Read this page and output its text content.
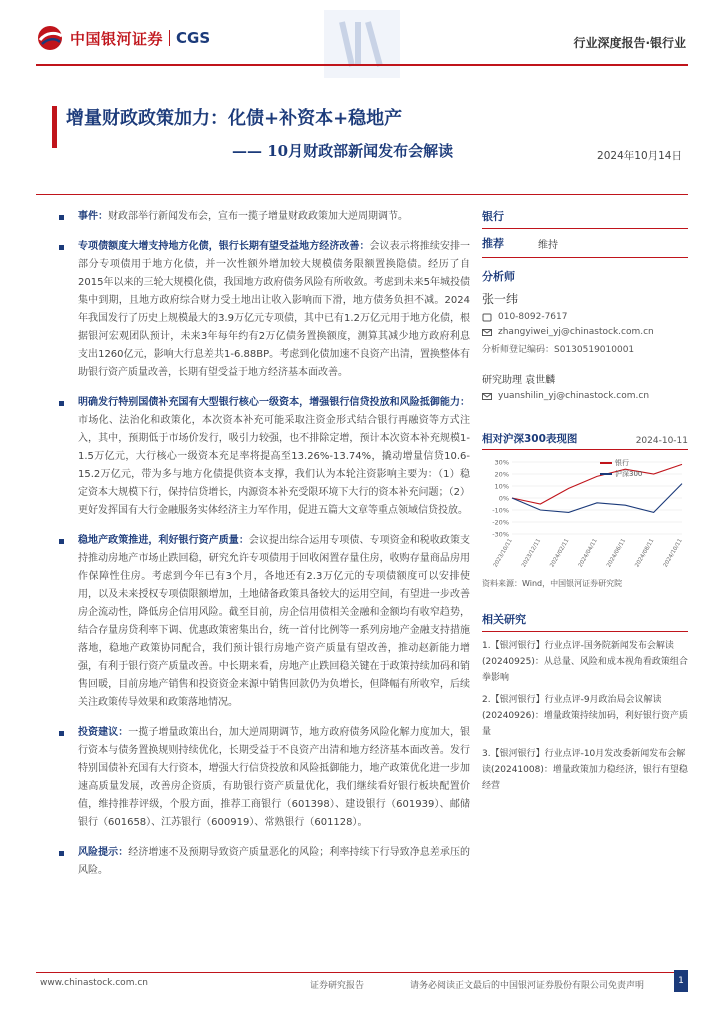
中国银河证券 CGS	行业深度报告·银行业
增量财政政策加力：化债+补资本+稳地产
—— 10月财政部新闻发布会解读	2024年10月14日
事件：财政部举行新闻发布会，宣布一揽子增量财政政策加大逆周期调节。
专项债额度大增支持地方化债，银行长期有望受益地方经济改善：会议表示将推续安排一部分专项债用于地方化债，并一次性额外增加较大规模债务限额置换隐债。经历了自2015年以来的三轮大规模化债，我国地方政府债务风险有所收敛。考虑到未来5年城投债集中到期，且地方政府综合财力受土地出让收入影响而下滑，地方债务负担不减。2024年我国发行了历史上规模最大的3.9万亿元专项债，其中已有1.2万亿元用于地方化债，根据银河宏观团队预计，未来3年每年约有2万亿债务置换额度，测算其减少地方政府利息支出1260亿元，影响大行息差共1-6.88BP。考虑到化债加速不良资产出清，置换整体有助银行资产质量改善，长期有望受益于地方经济基本面改善。
明确发行特别国债补充国有大型银行核心一级资本，增强银行信贷投放和风险抵御能力：市场化、法治化和政策化，本次资本补充可能采取注资金形式结合银行再融资等方式注入，其中，预期低于市场价发行，吸引力较强，也不排除定增，预计本次资本补充规模1-1.5万亿元，大行核心一级资本充足率将提高至13.26%-13.74%，撬动增量信贷10.6-15.2万亿元，带为多与地方化债提供资本支撑，我们认为本轮注资影响主要为：（1）稳定资本大规模下行，保持信贷增长，内源资本补充受限环境下大行的资本补充问题；（2）更好发挥国有大行金融服务实体经济主力军作用，促进五篇大文章等重点领域信贷投放。
稳地产政策推进，利好银行资产质量：会议提出综合运用专项债、专项资金和税收政策支持推动房地产市场止跌回稳，研究允许专项债用于回收闲置存量住房，收购存量商品房用作保障性住房。考虑到今年已有3个月，各地还有2.3万亿元的专项债额度可以安排使用，以及未来授权专项债限额增加，土地储备政策具备较大的运用空间，有望进一步改善房企流动性，降低房企信用风险。截至目前，房企信用债相关金融和金额均有收窄趋势，结合存量房贷利率下调、优惠政策密集出台，统一首付比例等一系列房地产金融支持措施落地，稳地产政策协同配合，我们预计银行房地产资产质量有望改善，推动赵新能力增强，有利于银行资产质量改善。中长期来看，房地产止跌回稳关键在于政策持续加码和销售回暖，目前房地产销售和投资资金来源中销售回款仍为负增长，但降幅有所收窄，后续关注政策传导效果和政策落地情况。
投资建议：一揽子增量政策出台，加大逆周期调节，地方政府债务风险化解力度加大，银行资本与债务置换规则持续优化，长期受益于不良资产出清和地方经济基本面改善。发行特别国债补充国有大行资本，增强大行信贷投放和风险抵御能力，地产政策优化进一步加速高质量发展，改善房企资质，有助银行资产质量优化，我们继续看好银行板块配置价值，维持推荐评级，个股方面，推荐工商银行（601398）、建设银行（601939）、邮储银行（601658）、江苏银行（600919）、常熟银行（601128）。
风险提示：经济增速不及预期导致资产质量恶化的风险；利率持续下行导致净息差承压的风险。
银行
推荐	维持
分析师
张一纬
010-8092-7617
zhangyiwei_yj@chinastock.com.cn
分析师登记编码：S0130519010001
研究助理 袁世麟
yuanshilin_yj@chinastock.com.cn
相对沪深300表现图	2024-10-11
30%
20%
10%
0%
-10%
-20%
-30%
2023/10/11 2023/12/11 2024/02/11 2024/04/11 2024/06/11 2024/08/11 2024/10/11
银行
沪深300
资料来源：Wind，中国银河证券研究院
相关研究
1.【银河银行】行业点评-国务院新闻发布会解读(20240925)：从总量、风险和成本视角看政策组合拳影响
2.【银河银行】行业点评-9月政治局会议解读(20240926)：增量政策持续加码，利好银行资产质量
3.【银河银行】行业点评-10月发改委新闻发布会解读(20241008)：增量政策加力稳经济，银行有望稳经营
www.chinastock.com.cn	证券研究报告	请务必阅读正文最后的中国银河证券股份有限公司免责声明	1
